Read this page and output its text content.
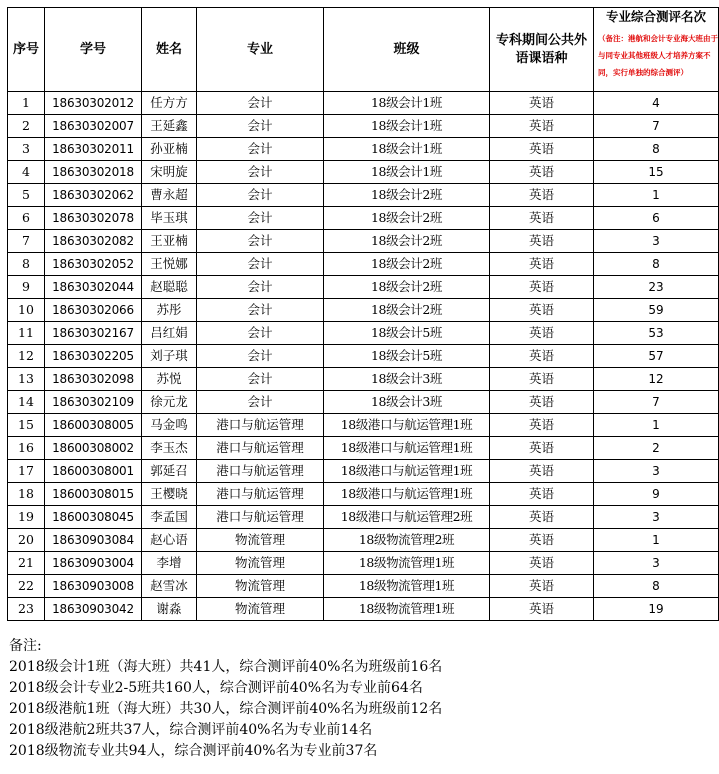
序号	学号	姓名	专业	班级	专科期间公共外语课语种	专业综合测评名次
（备注：港航和会计专业海大班由于与同专业其他班级人才培养方案不同，实行单独的综合测评）

1	18630302012	任方方	会计	18级会计1班	英语	4
2	18630302007	王延鑫	会计	18级会计1班	英语	7
3	18630302011	孙亚楠	会计	18级会计1班	英语	8
4	18630302018	宋明旋	会计	18级会计1班	英语	15
5	18630302062	曹永超	会计	18级会计2班	英语	1
6	18630302078	毕玉琪	会计	18级会计2班	英语	6
7	18630302082	王亚楠	会计	18级会计2班	英语	3
8	18630302052	王悦娜	会计	18级会计2班	英语	8
9	18630302044	赵聪聪	会计	18级会计2班	英语	23
10	18630302066	苏彤	会计	18级会计2班	英语	59
11	18630302167	吕红娟	会计	18级会计5班	英语	53
12	18630302205	刘子琪	会计	18级会计5班	英语	57
13	18630302098	苏悦	会计	18级会计3班	英语	12
14	18630302109	徐元龙	会计	18级会计3班	英语	7
15	18600308005	马金鸣	港口与航运管理	18级港口与航运管理1班	英语	1
16	18600308002	李玉杰	港口与航运管理	18级港口与航运管理1班	英语	2
17	18600308001	郭延召	港口与航运管理	18级港口与航运管理1班	英语	3
18	18600308015	王樱晓	港口与航运管理	18级港口与航运管理1班	英语	9
19	18600308045	李孟国	港口与航运管理	18级港口与航运管理2班	英语	3
20	18630903084	赵心语	物流管理	18级物流管理2班	英语	1
21	18630903004	李增	物流管理	18级物流管理1班	英语	3
22	18630903008	赵雪冰	物流管理	18级物流管理1班	英语	8
23	18630903042	谢淼	物流管理	18级物流管理1班	英语	19
备注:
2018级会计1班（海大班）共41人，综合测评前40%名为班级前16名
2018级会计专业2-5班共160人，综合测评前40%名为专业前64名
2018级港航1班（海大班）共30人，综合测评前40%名为班级前12名
2018级港航2班共37人，综合测评前40%名为专业前14名
2018级物流专业共94人，综合测评前40%名为专业前37名
